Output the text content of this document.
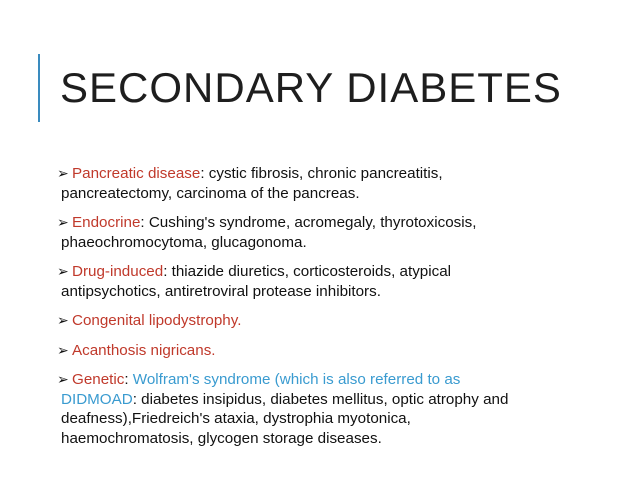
SECONDARY DIABETES
➢ Pancreatic disease: cystic fibrosis, chronic pancreatitis,
pancreatectomy, carcinoma of the pancreas.
➢ Endocrine: Cushing's syndrome, acromegaly, thyrotoxicosis,
phaeochromocytoma, glucagonoma.
➢ Drug-induced: thiazide diuretics, corticosteroids, atypical
antipsychotics, antiretroviral protease inhibitors.
➢ Congenital lipodystrophy.
➢ Acanthosis nigricans.
➢ Genetic: Wolfram's syndrome (which is also referred to as
DIDMOAD: diabetes insipidus, diabetes mellitus, optic atrophy and
deafness),Friedreich's ataxia, dystrophia myotonica,
haemochromatosis, glycogen storage diseases.
